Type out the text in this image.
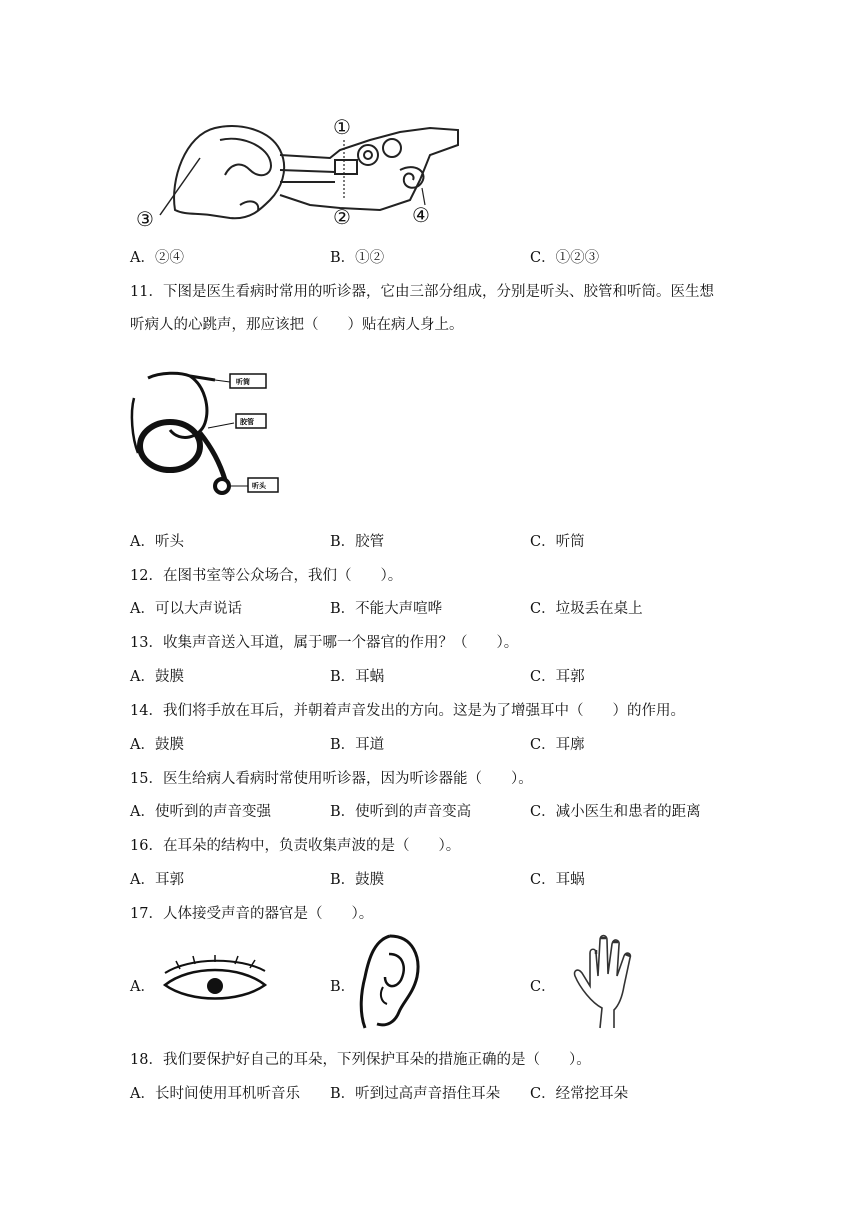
①
②
③	④
A．②④	B．①②	C．①②③
11．下图是医生看病时常用的听诊器，它由三部分组成，分别是听头、胶管和听筒。医生想
听病人的心跳声，那应该把（　　）贴在病人身上。
听筒
胶管
听头
A．听头	B．胶管	C．听筒
12．在图书室等公众场合，我们（　　）。
A．可以大声说话	B．不能大声喧哗	C．垃圾丢在桌上
13．收集声音送入耳道，属于哪一个器官的作用？（　　）。
A．鼓膜	B．耳蜗	C．耳郭
14．我们将手放在耳后，并朝着声音发出的方向。这是为了增强耳中（　　）的作用。
A．鼓膜	B．耳道	C．耳廓
15．医生给病人看病时常使用听诊器，因为听诊器能（　　）。
A．使听到的声音变强	B．使听到的声音变高	C．减小医生和患者的距离
16．在耳朵的结构中，负责收集声波的是（　　）。
A．耳郭	B．鼓膜	C．耳蜗
17．人体接受声音的器官是（　　）。
A．	B．	C．
18．我们要保护好自己的耳朵，下列保护耳朵的措施正确的是（　　）。
A．长时间使用耳机听音乐 B．听到过高声音捂住耳朵 C．经常挖耳朵
